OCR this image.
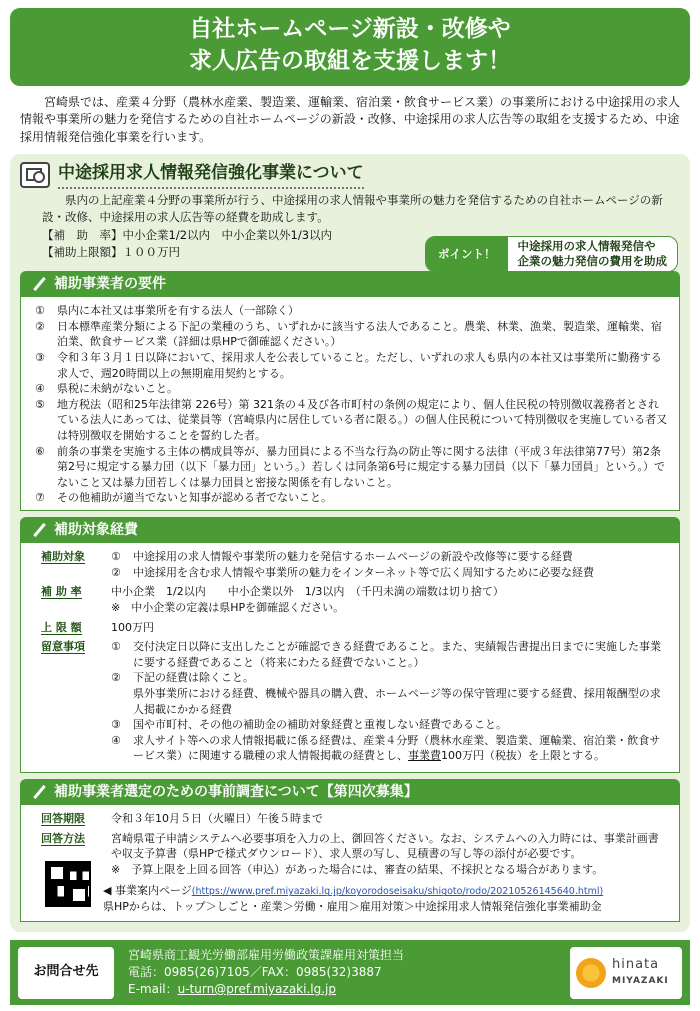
自社ホームページ新設・改修や
求人広告の取組を支援します！

宮崎県では、産業４分野（農林水産業、製造業、運輸業、宿泊業・飲食サービス業）の事業所における中途採用の求人情報や事業所の魅力を発信するための自社ホームページの新設・改修、中途採用の求人広告等の取組を支援するため、中途採用情報発信強化事業を行います。

中途採用求人情報発信強化事業について

県内の上記産業４分野の事業所が行う、中途採用の求人情報や事業所の魅力を発信するための自社ホームページの新設・改修、中途採用の求人広告等の経費を助成します。

【補　助　率】中小企業1/2以内　中小企業以外1/3以内
【補助上限額】１００万円	ポイント！
中途採用の求人情報発信や
企業の魅力発信の費用を助成
補助事業者の要件
①	県内に本社又は事業所を有する法人（一部除く）
②	日本標準産業分類による下記の業種のうち、いずれかに該当する法人であること。農業、林業、漁業、製造業、運輸業、宿泊業、飲食サービス業（詳細は県HPで御確認ください。）
③	令和３年３月１日以降において、採用求人を公表していること。ただし、いずれの求人も県内の本社又は事業所に勤務する求人で、週20時間以上の無期雇用契約とする。
④	県税に未納がないこと。
⑤	地方税法（昭和25年法律第 226号）第 321条の４及び各市町村の条例の規定により、個人住民税の特別徴収義務者とされている法人にあっては、従業員等（宮崎県内に居住している者に限る。）の個人住民税について特別徴収を実施している者又は特別徴収を開始することを誓約した者。
⑥	前条の事業を実施する主体の構成員等が、暴力団員による不当な行為の防止等に関する法律（平成３年法律第77号）第2条第2号に規定する暴力団（以下「暴力団」という。）若しくは同条第6号に規定する暴力団員（以下「暴力団員」という。）でないこと又は暴力団若しくは暴力団員と密接な関係を有しないこと。
⑦	その他補助が適当でないと知事が認める者でないこと。
補助対象経費
補助対象	①	中途採用の求人情報や事業所の魅力を発信するホームページの新設や改修等に要する経費
②	中途採用を含む求人情報や事業所の魅力をインターネット等で広く周知するために必要な経費
補 助 率	中小企業　1/2以内　　中小企業以外　1/3以内　（千円未満の端数は切り捨て）
※　中小企業の定義は県HPを御確認ください。
上 限 額	100万円
留意事項	①	交付決定日以降に支出したことが確認できる経費であること。また、実績報告書提出日までに実施した事業に要する経費であること（将来にわたる経費でないこと。）
②	下記の経費は除くこと。
県外事業所における経費、機械や器具の購入費、ホームページ等の保守管理に要する経費、採用報酬型の求人掲載にかかる経費
③	国や市町村、その他の補助金の補助対象経費と重複しない経費であること。
④	求人サイト等への求人情報掲載に係る経費は、産業４分野（農林水産業、製造業、運輸業、宿泊業・飲食サービス業）に関連する職種の求人情報掲載の経費とし、事業費100万円（税抜）を上限とする。
補助事業者選定のための事前調査について【第四次募集】
回答期限	令和３年10月５日（火曜日）午後５時まで
回答方法	宮崎県電子申請システムへ必要事項を入力の上、御回答ください。なお、システムへの入力時には、事業計画書や収支予算書（県HPで様式ダウンロード）、求人票の写し、見積書の写し等の添付が必要です。
※　予算上限を上回る回答（申込）があった場合には、審査の結果、不採択となる場合があります。
◀ 事業案内ページ(https://www.pref.miyazaki.lg.jp/koyorodoseisaku/shigoto/rodo/20210526145640.html)
県HPからは、トップ＞しごと・産業＞労働・雇用＞雇用対策＞中途採用求人情報発信強化事業補助金
お問合せ先
宮崎県商工観光労働部雇用労働政策課雇用対策担当
電話：0985(26)7105／FAX：0985(32)3887
E-mail：u-turn@pref.miyazaki.lg.jp
hinata
MIYAZAKI
